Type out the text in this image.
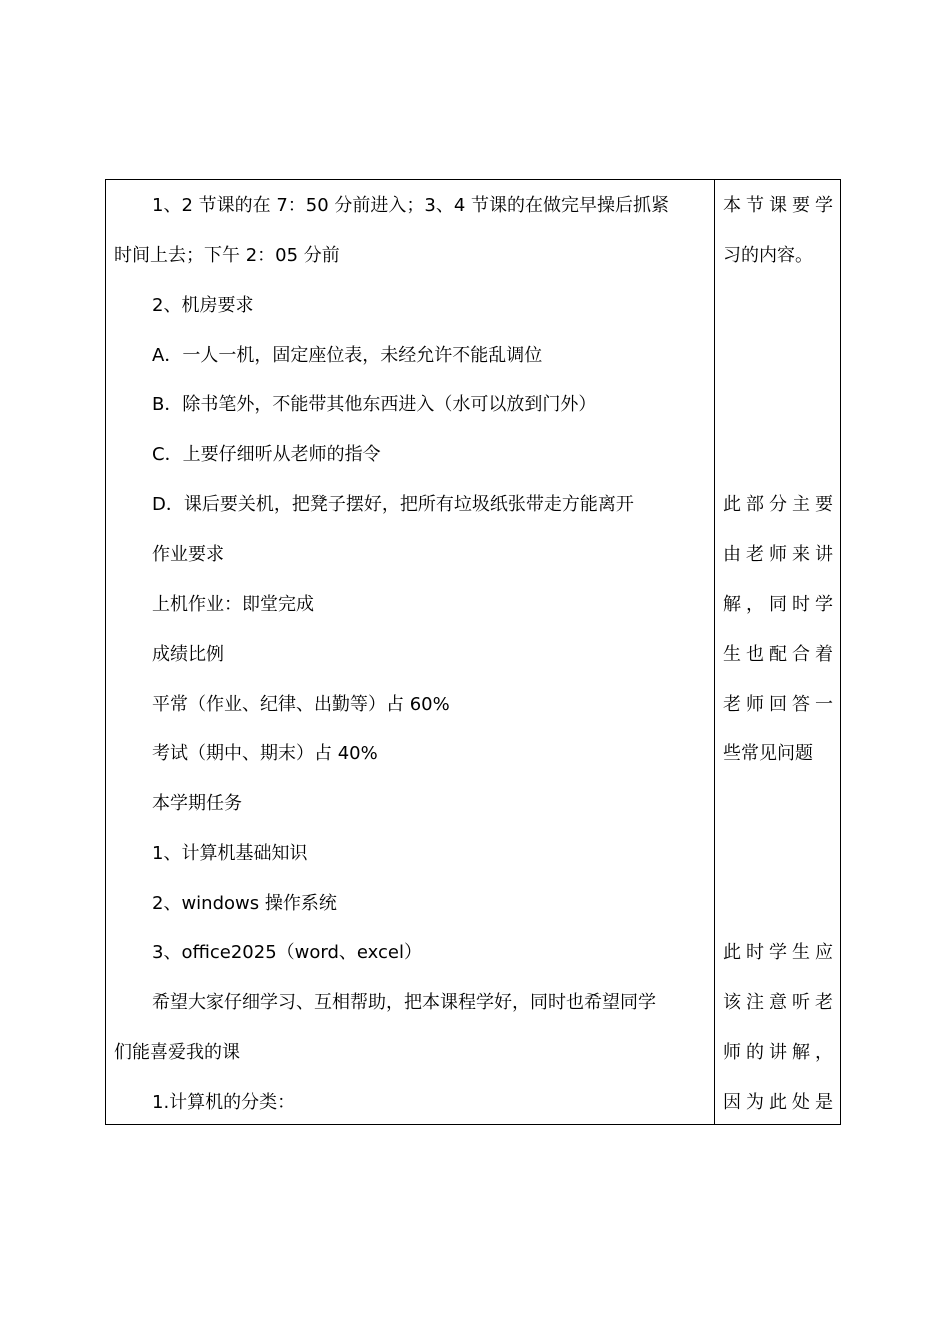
1、2 节课的在 7：50 分前进入；3、4 节课的在做完早操后抓紧
时间上去；下午 2：05 分前
2、机房要求
A．一人一机，固定座位表，未经允许不能乱调位
B．除书笔外，不能带其他东西进入（水可以放到门外）
C．上要仔细听从老师的指令
D．课后要关机，把凳子摆好，把所有垃圾纸张带走方能离开
作业要求
上机作业：即堂完成
成绩比例
平常（作业、纪律、出勤等）占 60%
考试（期中、期末）占 40%
本学期任务
1、计算机基础知识
2、windows 操作系统
3、office2025（word、excel）
希望大家仔细学习、互相帮助，把本课程学好，同时也希望同学
们能喜爱我的课
1.计算机的分类：
本节课要学
习的内容。
此部分主要
由老师来讲
解，同时学
生也配合着
老师回答一
些常见问题
此时学生应
该注意听老
师的讲解，
因为此处是
